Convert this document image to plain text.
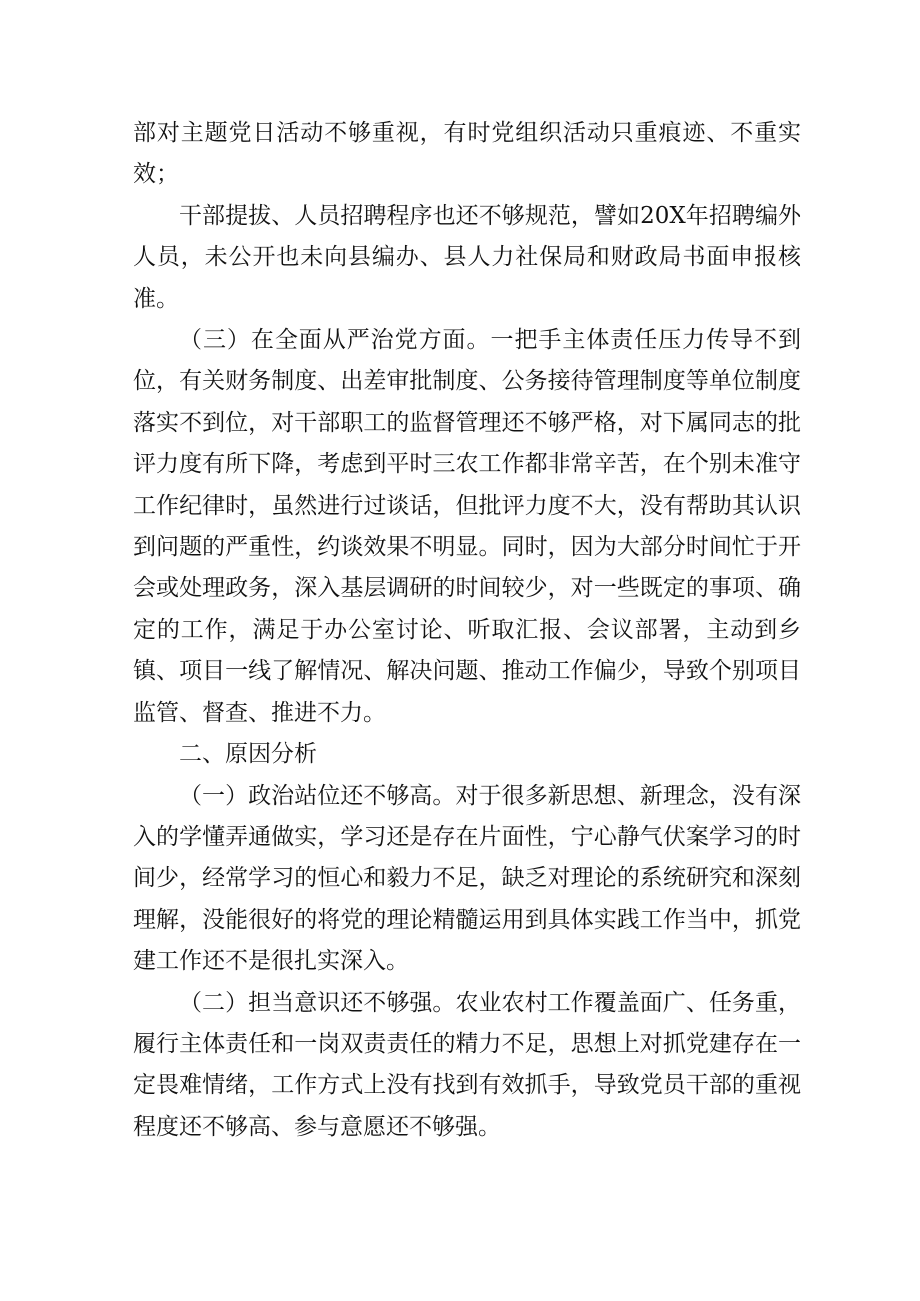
部对主题党日活动不够重视，有时党组织活动只重痕迹、不重实效；

干部提拔、人员招聘程序也还不够规范，譬如20X年招聘编外人员，未公开也未向县编办、县人力社保局和财政局书面申报核准。

（三）在全面从严治党方面。一把手主体责任压力传导不到位，有关财务制度、出差审批制度、公务接待管理制度等单位制度落实不到位，对干部职工的监督管理还不够严格，对下属同志的批评力度有所下降，考虑到平时三农工作都非常辛苦，在个别未准守工作纪律时，虽然进行过谈话，但批评力度不大，没有帮助其认识到问题的严重性，约谈效果不明显。同时，因为大部分时间忙于开会或处理政务，深入基层调研的时间较少，对一些既定的事项、确定的工作，满足于办公室讨论、听取汇报、会议部署，主动到乡镇、项目一线了解情况、解决问题、推动工作偏少，导致个别项目监管、督查、推进不力。

二、原因分析

（一）政治站位还不够高。对于很多新思想、新理念，没有深入的学懂弄通做实，学习还是存在片面性，宁心静气伏案学习的时间少，经常学习的恒心和毅力不足，缺乏对理论的系统研究和深刻理解，没能很好的将党的理论精髓运用到具体实践工作当中，抓党建工作还不是很扎实深入。

（二）担当意识还不够强。农业农村工作覆盖面广、任务重，履行主体责任和一岗双责责任的精力不足，思想上对抓党建存在一定畏难情绪，工作方式上没有找到有效抓手，导致党员干部的重视程度还不够高、参与意愿还不够强。
